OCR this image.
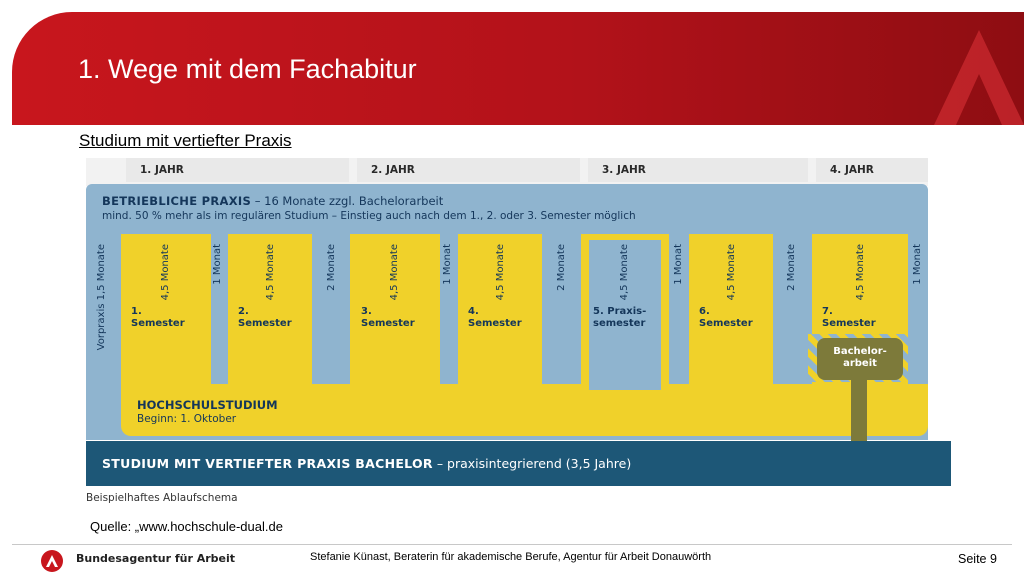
1. Wege mit dem Fachabitur
Studium mit vertiefter Praxis
1. JAHR	2. JAHR	3. JAHR	4. JAHR
BETRIEBLICHE PRAXIS – 16 Monate zzgl. Bachelorarbeit
mind. 50 % mehr als im regulären Studium – Einstieg auch nach dem 1., 2. oder 3. Semester möglich
Vorpraxis 1,5 Monate	1 Monat	2 Monate	1 Monat	2 Monate	1 Monat	2 Monate	1 Monat
4,5 Monate	4,5 Monate	4,5 Monate	4,5 Monate	4,5 Monate	4,5 Monate	4,5 Monate
1.
Semester
2.
Semester
3.
Semester
4.
Semester
5. Praxis-
semester
6.
Semester
7.
Semester
Bachelor-
arbeit
HOCHSCHULSTUDIUM
Beginn: 1. Oktober
STUDIUM MIT VERTIEFTER PRAXIS BACHELOR – praxisintegrierend (3,5 Jahre)
Beispielhaftes Ablaufschema
Quelle: „www.hochschule-dual.de
Bundesagentur für Arbeit	Stefanie Künast, Beraterin für akademische Berufe, Agentur für Arbeit Donauwörth	Seite 9
